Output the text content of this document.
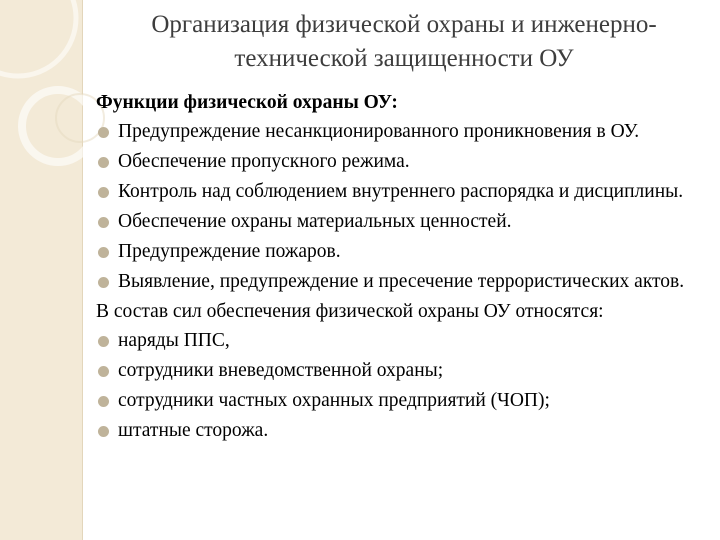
Организация физической охраны и инженерно-
технической защищенности ОУ
Функции физической охраны ОУ:
Предупреждение несанкционированного проникновения в ОУ.
Обеспечение пропускного режима.
Контроль над соблюдением внутреннего распорядка и дисциплины.
Обеспечение охраны материальных ценностей.
Предупреждение пожаров.
Выявление, предупреждение и пресечение террористических актов.
В состав сил обеспечения физической охраны ОУ относятся:
наряды ППС,
сотрудники вневедомственной охраны;
сотрудники частных охранных предприятий (ЧОП);
штатные сторожа.
